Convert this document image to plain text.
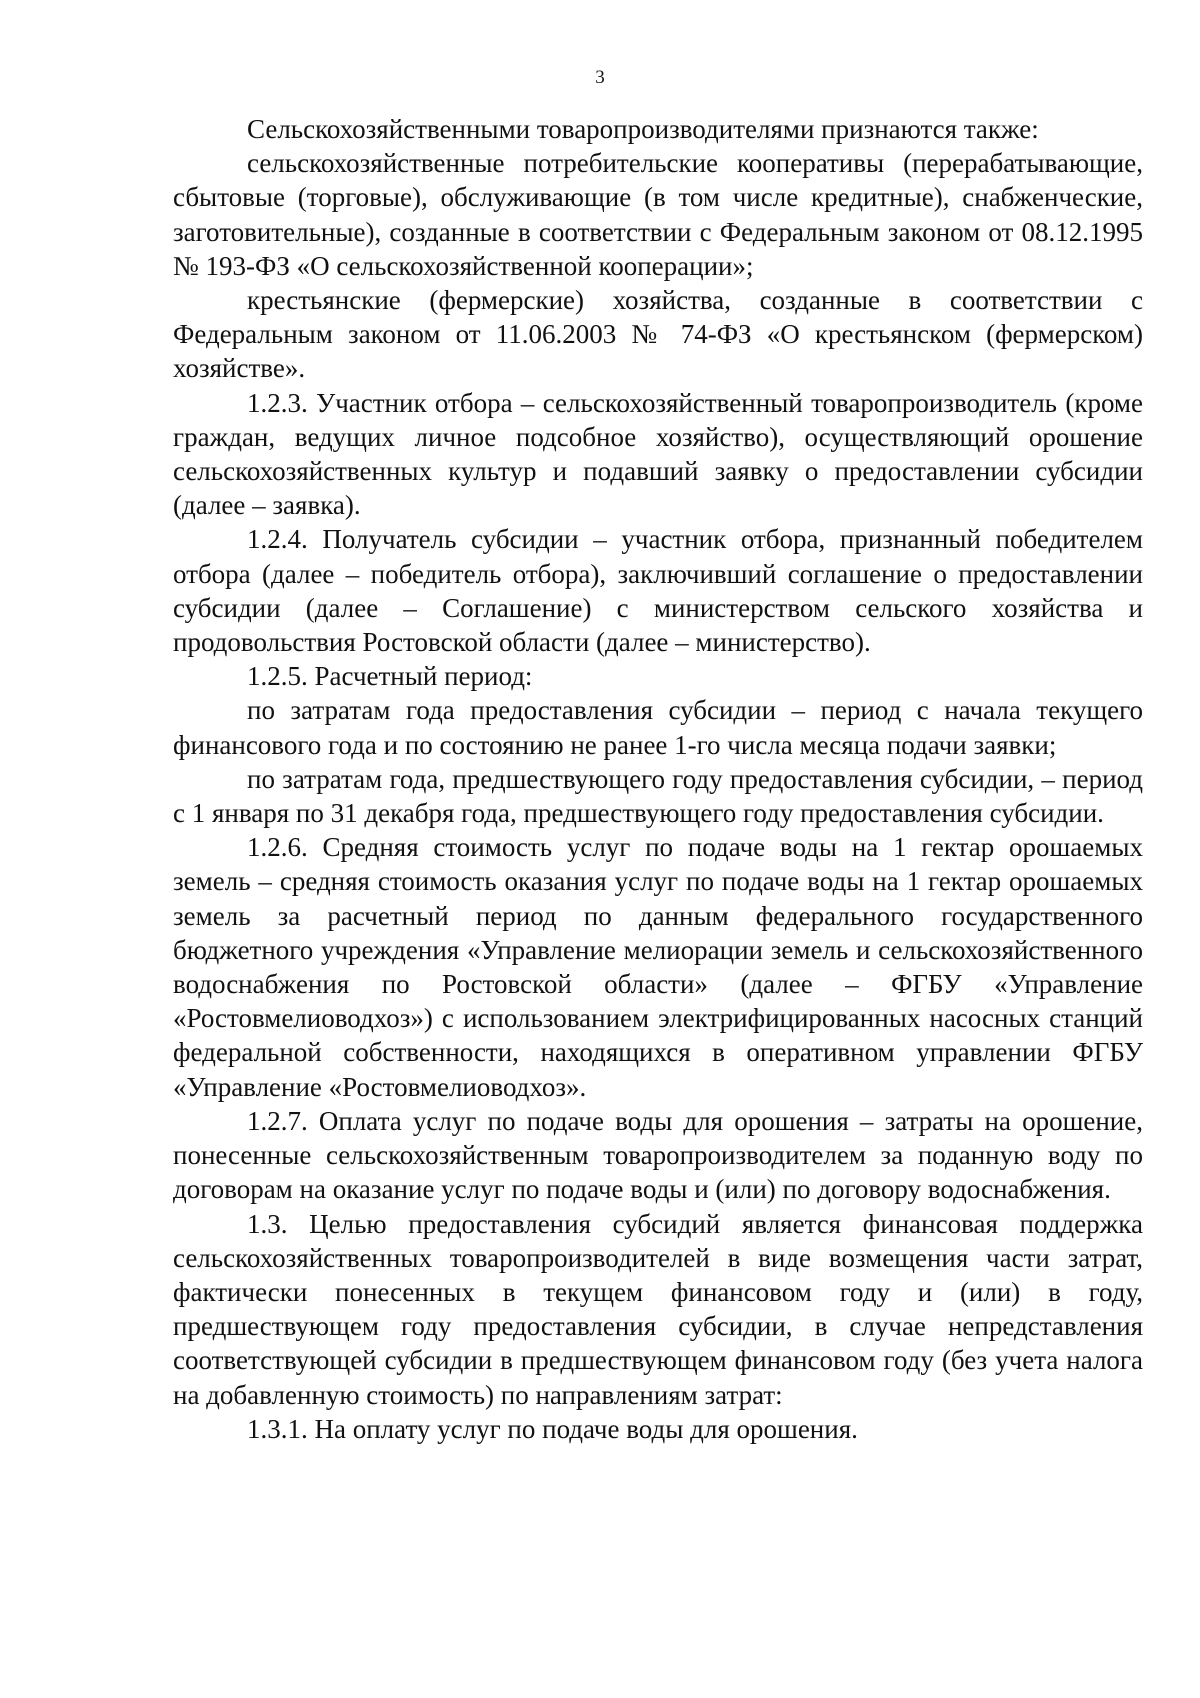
3

Сельскохозяйственными товаропроизводителями признаются также:

сельскохозяйственные потребительские кооперативы (перерабатывающие, сбытовые (торговые), обслуживающие (в том числе кредитные), снабженческие, заготовительные), созданные в соответствии с Федеральным законом от 08.12.1995 № 193-ФЗ «О сельскохозяйственной кооперации»;

крестьянские (фермерские) хозяйства, созданные в соответствии с Федеральным законом от 11.06.2003 № 74-ФЗ «О крестьянском (фермерском) хозяйстве».

1.2.3. Участник отбора – сельскохозяйственный товаропроизводитель (кроме граждан, ведущих личное подсобное хозяйство), осуществляющий орошение сельскохозяйственных культур и подавший заявку о предоставлении субсидии (далее – заявка).

1.2.4. Получатель субсидии – участник отбора, признанный победителем отбора (далее – победитель отбора), заключивший соглашение о предоставлении субсидии (далее – Соглашение) с министерством сельского хозяйства и продовольствия Ростовской области (далее – министерство).

1.2.5. Расчетный период:

по затратам года предоставления субсидии – период с начала текущего финансового года и по состоянию не ранее 1-го числа месяца подачи заявки;

по затратам года, предшествующего году предоставления субсидии, – период с 1 января по 31 декабря года, предшествующего году предоставления субсидии.

1.2.6. Средняя стоимость услуг по подаче воды на 1 гектар орошаемых земель – средняя стоимость оказания услуг по подаче воды на 1 гектар орошаемых земель за расчетный период по данным федерального государственного бюджетного учреждения «Управление мелиорации земель и сельскохозяйственного водоснабжения по Ростовской области» (далее – ФГБУ «Управление «Ростовмелиоводхоз») с использованием электрифицированных насосных станций федеральной собственности, находящихся в оперативном управлении ФГБУ «Управление «Ростовмелиоводхоз».

1.2.7. Оплата услуг по подаче воды для орошения – затраты на орошение, понесенные сельскохозяйственным товаропроизводителем за поданную воду по договорам на оказание услуг по подаче воды и (или) по договору водоснабжения.

1.3. Целью предоставления субсидий является финансовая поддержка сельскохозяйственных товаропроизводителей в виде возмещения части затрат, фактически понесенных в текущем финансовом году и (или) в году, предшествующем году предоставления субсидии, в случае непредставления соответствующей субсидии в предшествующем финансовом году (без учета налога на добавленную стоимость) по направлениям затрат:

1.3.1. На оплату услуг по подаче воды для орошения.
